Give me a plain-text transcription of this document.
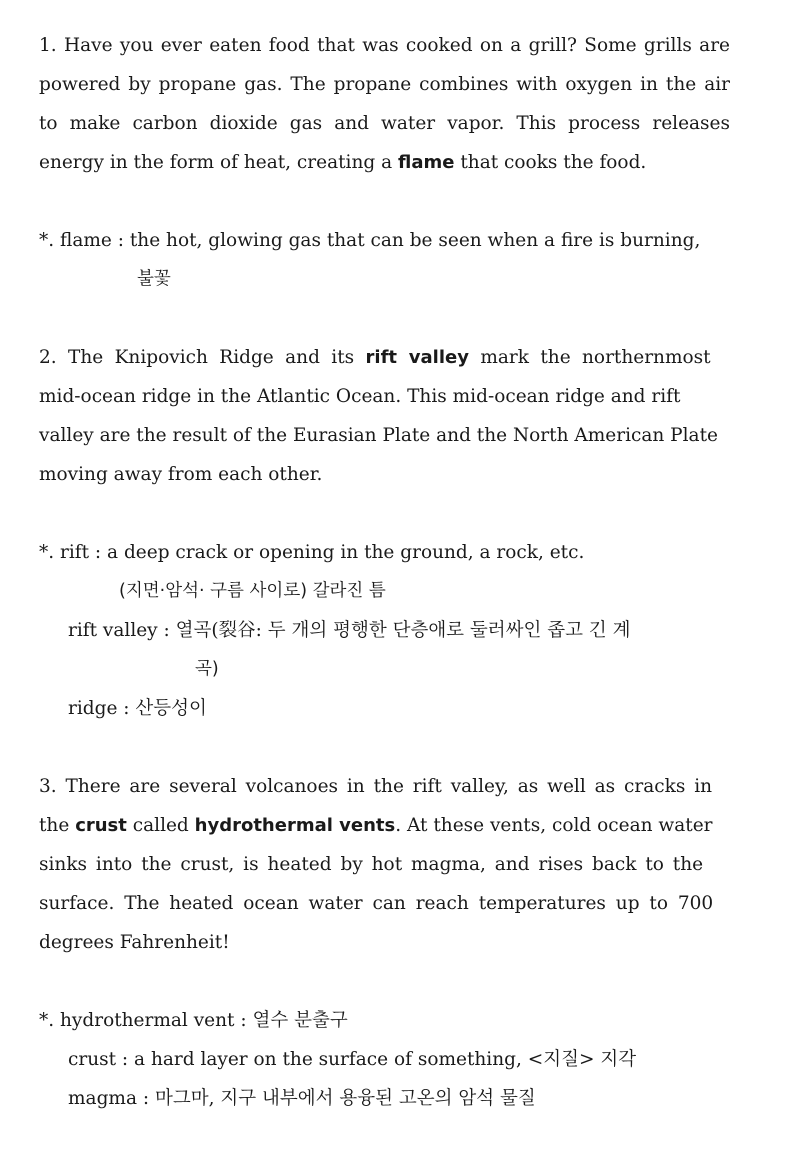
1. Have you ever eaten food that was cooked on a grill? Some grills are
powered by propane gas. The propane combines with oxygen in the air
to make carbon dioxide gas and water vapor. This process releases
energy in the form of heat, creating a flame that cooks the food.
*. flame : the hot, glowing gas that can be seen when a fire is burning,
불꽃
2. The Knipovich Ridge and its rift valley mark the northernmost
mid-ocean ridge in the Atlantic Ocean. This mid-ocean ridge and rift
valley are the result of the Eurasian Plate and the North American Plate
moving away from each other.
*. rift : a deep crack or opening in the ground, a rock, etc.
(지면·암석· 구름 사이로) 갈라진 틈
rift valley : 열곡(裂谷: 두 개의 평행한 단층애로 둘러싸인 좁고 긴 계
곡)
ridge : 산등성이
3. There are several volcanoes in the rift valley, as well as cracks in
the crust called hydrothermal vents. At these vents, cold ocean water
sinks into the crust, is heated by hot magma, and rises back to the
surface. The heated ocean water can reach temperatures up to 700
degrees Fahrenheit!
*. hydrothermal vent : 열수 분출구
crust : a hard layer on the surface of something, <지질> 지각
magma : 마그마, 지구 내부에서 용융된 고온의 암석 물질
